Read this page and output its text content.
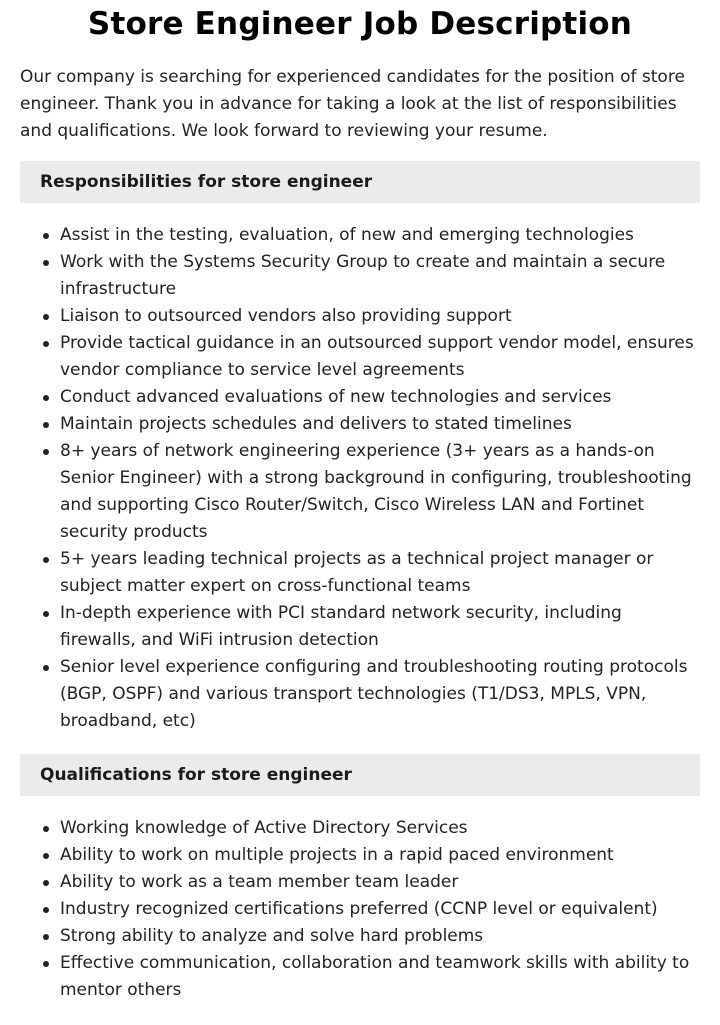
Store Engineer Job Description

Our company is searching for experienced candidates for the position of store engineer. Thank you in advance for taking a look at the list of responsibilities and qualifications. We look forward to reviewing your resume.

Responsibilities for store engineer
Assist in the testing, evaluation, of new and emerging technologies
Work with the Systems Security Group to create and maintain a secure infrastructure
Liaison to outsourced vendors also providing support
Provide tactical guidance in an outsourced support vendor model, ensures vendor compliance to service level agreements
Conduct advanced evaluations of new technologies and services
Maintain projects schedules and delivers to stated timelines
8+ years of network engineering experience (3+ years as a hands-on Senior Engineer) with a strong background in configuring, troubleshooting and supporting Cisco Router/Switch, Cisco Wireless LAN and Fortinet security products
5+ years leading technical projects as a technical project manager or subject matter expert on cross-functional teams
In-depth experience with PCI standard network security, including firewalls, and WiFi intrusion detection
Senior level experience configuring and troubleshooting routing protocols (BGP, OSPF) and various transport technologies (T1/DS3, MPLS, VPN, broadband, etc)
Qualifications for store engineer
Working knowledge of Active Directory Services
Ability to work on multiple projects in a rapid paced environment
Ability to work as a team member team leader
Industry recognized certifications preferred (CCNP level or equivalent)
Strong ability to analyze and solve hard problems
Effective communication, collaboration and teamwork skills with ability to mentor others
